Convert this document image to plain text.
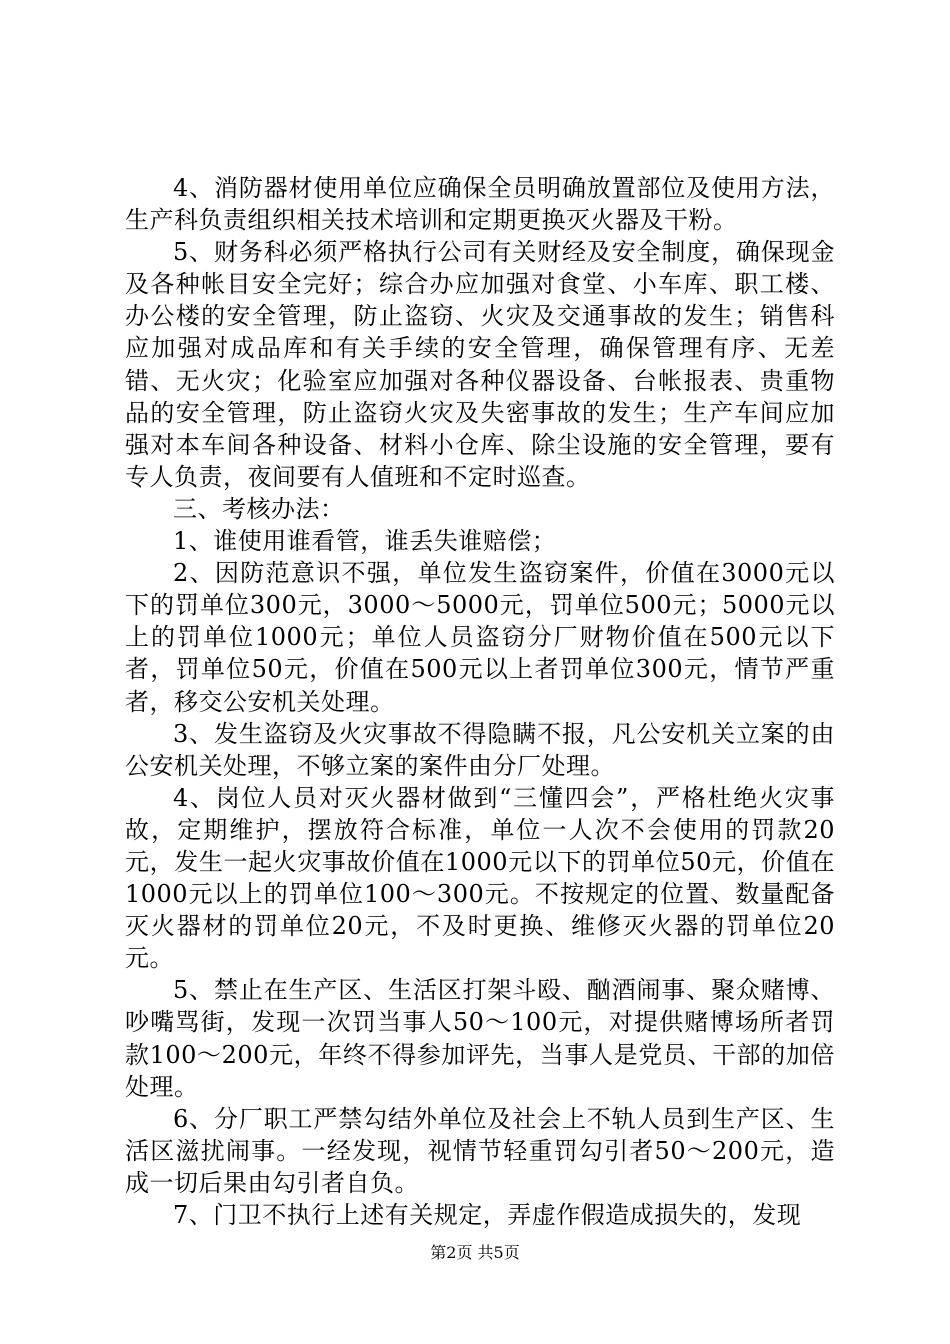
4、消防器材使用单位应确保全员明确放置部位及使用方法，生产科负责组织相关技术培训和定期更换灭火器及干粉。

5、财务科必须严格执行公司有关财经及安全制度，确保现金及各种帐目安全完好；综合办应加强对食堂、小车库、职工楼、办公楼的安全管理，防止盗窃、火灾及交通事故的发生；销售科应加强对成品库和有关手续的安全管理，确保管理有序、无差错、无火灾；化验室应加强对各种仪器设备、台帐报表、贵重物品的安全管理，防止盗窃火灾及失密事故的发生；生产车间应加强对本车间各种设备、材料小仓库、除尘设施的安全管理，要有专人负责，夜间要有人值班和不定时巡查。

三、考核办法：

1、谁使用谁看管，谁丢失谁赔偿；

2、因防范意识不强，单位发生盗窃案件，价值在3000元以下的罚单位300元，3000～5000元，罚单位500元；5000元以上的罚单位1000元；单位人员盗窃分厂财物价值在500元以下者，罚单位50元，价值在500元以上者罚单位300元，情节严重者，移交公安机关处理。

3、发生盗窃及火灾事故不得隐瞒不报，凡公安机关立案的由公安机关处理，不够立案的案件由分厂处理。

4、岗位人员对灭火器材做到“三懂四会”，严格杜绝火灾事故，定期维护，摆放符合标准，单位一人次不会使用的罚款20元，发生一起火灾事故价值在1000元以下的罚单位50元，价值在1000元以上的罚单位100～300元。不按规定的位置、数量配备灭火器材的罚单位20元，不及时更换、维修灭火器的罚单位20元。

5、禁止在生产区、生活区打架斗殴、酗酒闹事、聚众赌博、吵嘴骂街，发现一次罚当事人50～100元，对提供赌博场所者罚款100～200元，年终不得参加评先，当事人是党员、干部的加倍处理。

6、分厂职工严禁勾结外单位及社会上不轨人员到生产区、生活区滋扰闹事。一经发现，视情节轻重罚勾引者50～200元，造成一切后果由勾引者自负。

7、门卫不执行上述有关规定，弄虚作假造成损失的，发现

第2页 共5页
